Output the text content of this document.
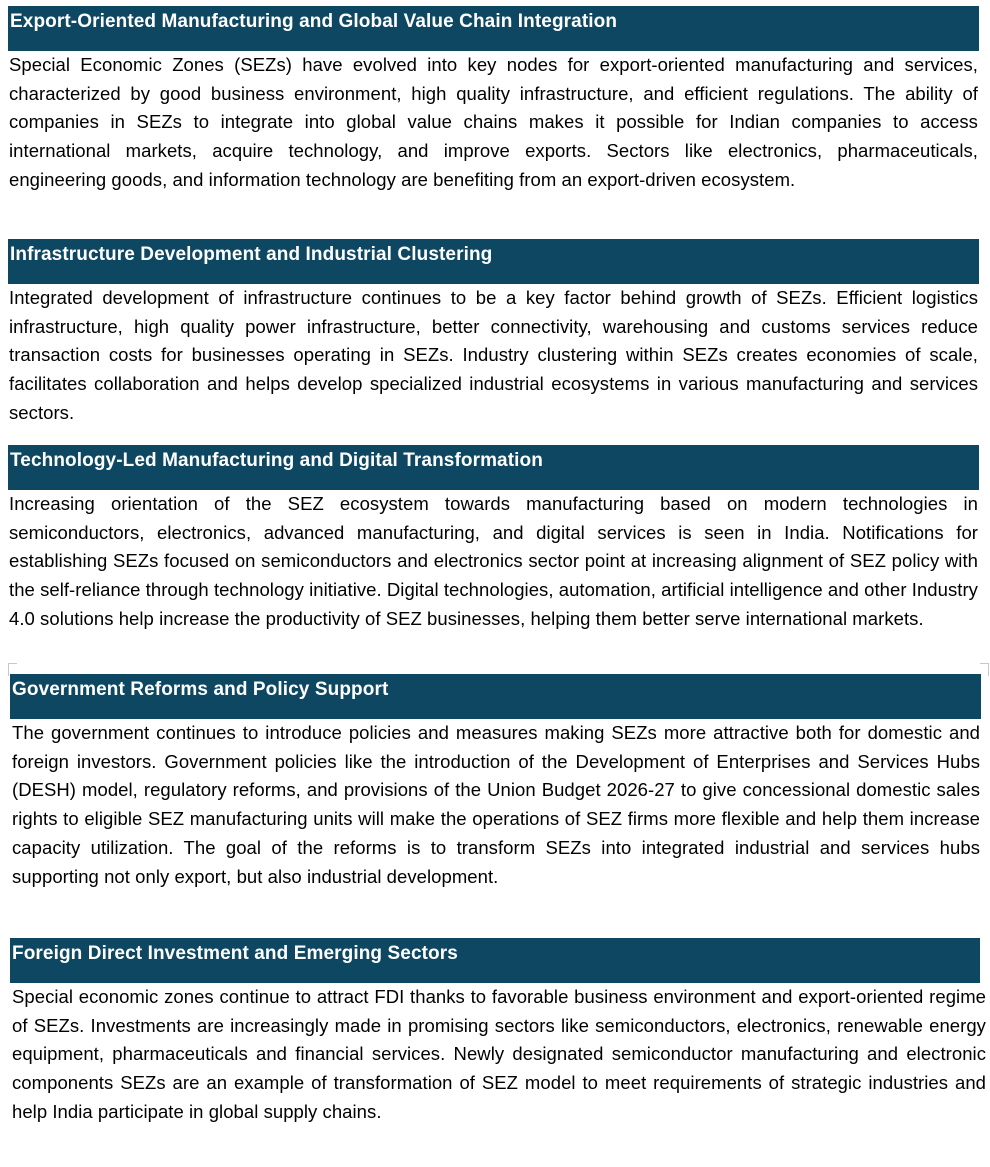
Export-Oriented Manufacturing and Global Value Chain Integration
Special Economic Zones (SEZs) have evolved into key nodes for export-oriented manufacturing and services, characterized by good business environment, high quality infrastructure, and efficient regulations. The ability of companies in SEZs to integrate into global value chains makes it possible for Indian companies to access international markets, acquire technology, and improve exports. Sectors like electronics, pharmaceuticals, engineering goods, and information technology are benefiting from an export-driven ecosystem.
Infrastructure Development and Industrial Clustering
Integrated development of infrastructure continues to be a key factor behind growth of SEZs. Efficient logistics infrastructure, high quality power infrastructure, better connectivity, warehousing and customs services reduce transaction costs for businesses operating in SEZs. Industry clustering within SEZs creates economies of scale, facilitates collaboration and helps develop specialized industrial ecosystems in various manufacturing and services sectors.
Technology-Led Manufacturing and Digital Transformation
Increasing orientation of the SEZ ecosystem towards manufacturing based on modern technologies in semiconductors, electronics, advanced manufacturing, and digital services is seen in India. Notifications for establishing SEZs focused on semiconductors and electronics sector point at increasing alignment of SEZ policy with the self-reliance through technology initiative. Digital technologies, automation, artificial intelligence and other Industry 4.0 solutions help increase the productivity of SEZ businesses, helping them better serve international markets.
Government Reforms and Policy Support
The government continues to introduce policies and measures making SEZs more attractive both for domestic and foreign investors. Government policies like the introduction of the Development of Enterprises and Services Hubs (DESH) model, regulatory reforms, and provisions of the Union Budget 2026-27 to give concessional domestic sales rights to eligible SEZ manufacturing units will make the operations of SEZ firms more flexible and help them increase capacity utilization. The goal of the reforms is to transform SEZs into integrated industrial and services hubs supporting not only export, but also industrial development.
Foreign Direct Investment and Emerging Sectors
Special economic zones continue to attract FDI thanks to favorable business environment and export-oriented regime of SEZs. Investments are increasingly made in promising sectors like semiconductors, electronics, renewable energy equipment, pharmaceuticals and financial services. Newly designated semiconductor manufacturing and electronic components SEZs are an example of transformation of SEZ model to meet requirements of strategic industries and help India participate in global supply chains.
